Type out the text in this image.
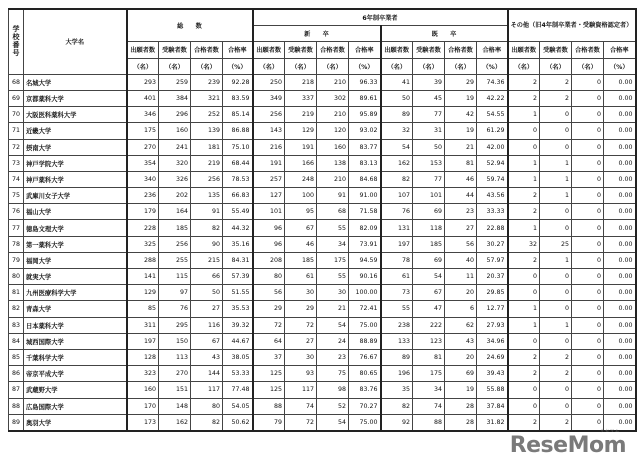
学校番号	大学名	総　　数				6年制卒業者								その他（旧4年制卒業者・受験資格認定者）			
						新　　卒				既　　卒							
		出願者数	受験者数	合格者数	合格率	出願者数	受験者数	合格者数	合格率	出願者数	受験者数	合格者数	合格率	出願者数	受験者数	合格者数	合格率
		（名）	（名）	（名）	（%）	（名）	（名）	（名）	（%）	（名）	（名）	（名）	（%）	（名）	（名）	（名）	（%）
68	名城大学	293	259	239	92.28	250	218	210	96.33	41	39	29	74.36	2	2	0	0.00
69	京都薬科大学	401	384	321	83.59	349	337	302	89.61	50	45	19	42.22	2	2	0	0.00
70	大阪医科薬科大学	346	296	252	85.14	256	219	210	95.89	89	77	42	54.55	1	0	0	0.00
71	近畿大学	175	160	139	86.88	143	129	120	93.02	32	31	19	61.29	0	0	0	0.00
72	摂南大学	270	241	181	75.10	216	191	160	83.77	54	50	21	42.00	0	0	0	0.00
73	神戸学院大学	354	320	219	68.44	191	166	138	83.13	162	153	81	52.94	1	1	0	0.00
74	神戸薬科大学	340	326	256	78.53	257	248	210	84.68	82	77	46	59.74	1	1	0	0.00
75	武庫川女子大学	236	202	135	66.83	127	100	91	91.00	107	101	44	43.56	2	1	0	0.00
76	福山大学	179	164	91	55.49	101	95	68	71.58	76	69	23	33.33	2	0	0	0.00
77	徳島文理大学	228	185	82	44.32	96	67	55	82.09	131	118	27	22.88	1	0	0	0.00
78	第一薬科大学	325	256	90	35.16	96	46	34	73.91	197	185	56	30.27	32	25	0	0.00
79	福岡大学	288	255	215	84.31	208	185	175	94.59	78	69	40	57.97	2	1	0	0.00
80	就実大学	141	115	66	57.39	80	61	55	90.16	61	54	11	20.37	0	0	0	0.00
81	九州医療科学大学	129	97	50	51.55	56	30	30	100.00	73	67	20	29.85	0	0	0	0.00
82	青森大学	85	76	27	35.53	29	29	21	72.41	55	47	6	12.77	1	0	0	0.00
83	日本薬科大学	311	295	116	39.32	72	72	54	75.00	238	222	62	27.93	1	1	0	0.00
84	城西国際大学	197	150	67	44.67	64	27	24	88.89	133	123	43	34.96	0	0	0	0.00
85	千葉科学大学	128	113	43	38.05	37	30	23	76.67	89	81	20	24.69	2	2	0	0.00
86	帝京平成大学	323	270	144	53.33	125	93	75	80.65	196	175	69	39.43	2	2	0	0.00
87	武蔵野大学	160	151	117	77.48	125	117	98	83.76	35	34	19	55.88	0	0	0	0.00
88	広島国際大学	170	148	80	54.05	88	74	52	70.27	82	74	28	37.84	0	0	0	0.00
89	奥羽大学	173	162	82	50.62	79	72	54	75.00	92	88	28	31.82	2	2	0	0.00
ReseMom
リセマム
